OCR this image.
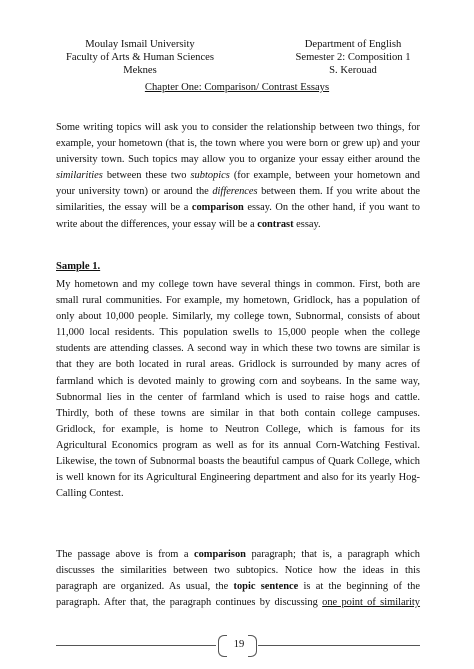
Moulay Ismail University
Faculty of Arts & Human Sciences
Meknes
Department of English
Semester 2: Composition 1
S. Kerouad
Chapter One: Comparison/ Contrast Essays
Some writing topics will ask you to consider the relationship between two things, for
example, your hometown (that is, the town where you were born or grew up) and your
university town. Such topics may allow you to organize your essay either around the
similarities between these two subtopics (for example, between your hometown and
your university town) or around the differences between them. If you write about the
similarities, the essay will be a comparison essay. On the other hand, if you want to
write about the differences, your essay will be a contrast essay.
Sample 1.
My hometown and my college town have several things in common. First, both are
small rural communities. For example, my hometown, Gridlock, has a population of
only about 10,000 people. Similarly, my college town, Subnormal, consists of about
11,000 local residents. This population swells to 15,000 people when the college
students are attending classes. A second way in which these two towns are similar is
that they are both located in rural areas. Gridlock is surrounded by many acres of
farmland which is devoted mainly to growing corn and soybeans. In the same way,
Subnormal lies in the center of farmland which is used to raise hogs and cattle.
Thirdly, both of these towns are similar in that both contain college campuses.
Gridlock, for example, is home to Neutron College, which is famous for its
Agricultural Economics program as well as for its annual Corn-Watching Festival.
Likewise, the town of Subnormal boasts the beautiful campus of Quark College, which
is well known for its Agricultural Engineering department and also for its yearly Hog-
Calling Contest.
The passage above is from a comparison paragraph; that is, a paragraph which
discusses the similarities between two subtopics. Notice how the ideas in this
paragraph are organized. As usual, the topic sentence is at the beginning of the
paragraph. After that, the paragraph continues by discussing one point of similarity
19
